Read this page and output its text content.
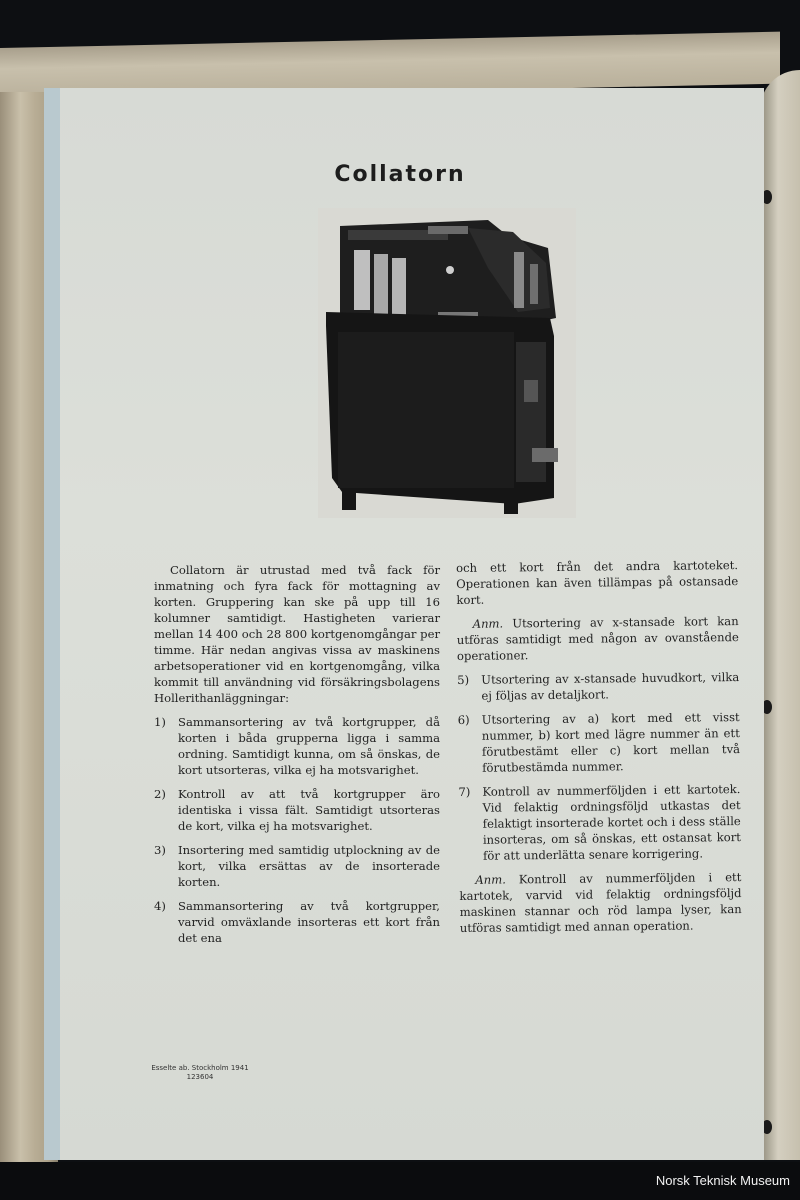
Collatorn

Collatorn är utrustad med två fack för inmatning och fyra fack för mottagning av korten. Gruppering kan ske på upp till 16 kolumner samtidigt. Hastigheten varierar mellan 14 400 och 28 800 kortgenomgångar per timme. Här nedan angivas vissa av maskinens arbetsoperationer vid en kortgenomgång, vilka kommit till användning vid försäkringsbolagens Hollerithanläggningar:

1)	Sammansortering av två kortgrupper, då korten i båda grupperna ligga i samma ordning. Samtidigt kunna, om så önskas, de kort utsorteras, vilka ej ha motsvarighet.
2)	Kontroll av att två kortgrupper äro identiska i vissa fält. Samtidigt utsorteras de kort, vilka ej ha motsvarighet.
3)	Insortering med samtidig utplockning av de kort, vilka ersättas av de insorterade korten.
4)	Sammansortering av två kortgrupper, varvid omväxlande insorteras ett kort från det ena

och ett kort från det andra kartoteket. Operationen kan även tillämpas på ostansade kort.

Anm. Utsortering av x-stansade kort kan utföras samtidigt med någon av ovanstående operationer.

5)	Utsortering av x-stansade huvudkort, vilka ej följas av detaljkort.
6)	Utsortering av a) kort med ett visst nummer, b) kort med lägre nummer än ett förutbestämt eller c) kort mellan två förutbestämda nummer.
7)	Kontroll av nummerföljden i ett kartotek. Vid felaktig ordningsföljd utkastas det felaktigt insorterade kortet och i dess ställe insorteras, om så önskas, ett ostansat kort för att underlätta senare korrigering.

Anm. Kontroll av nummerföljden i ett kartotek, varvid vid felaktig ordningsföljd maskinen stannar och röd lampa lyser, kan utföras samtidigt med annan operation.

Esselte ab. Stockholm 1941
123604
Norsk Teknisk Museum
